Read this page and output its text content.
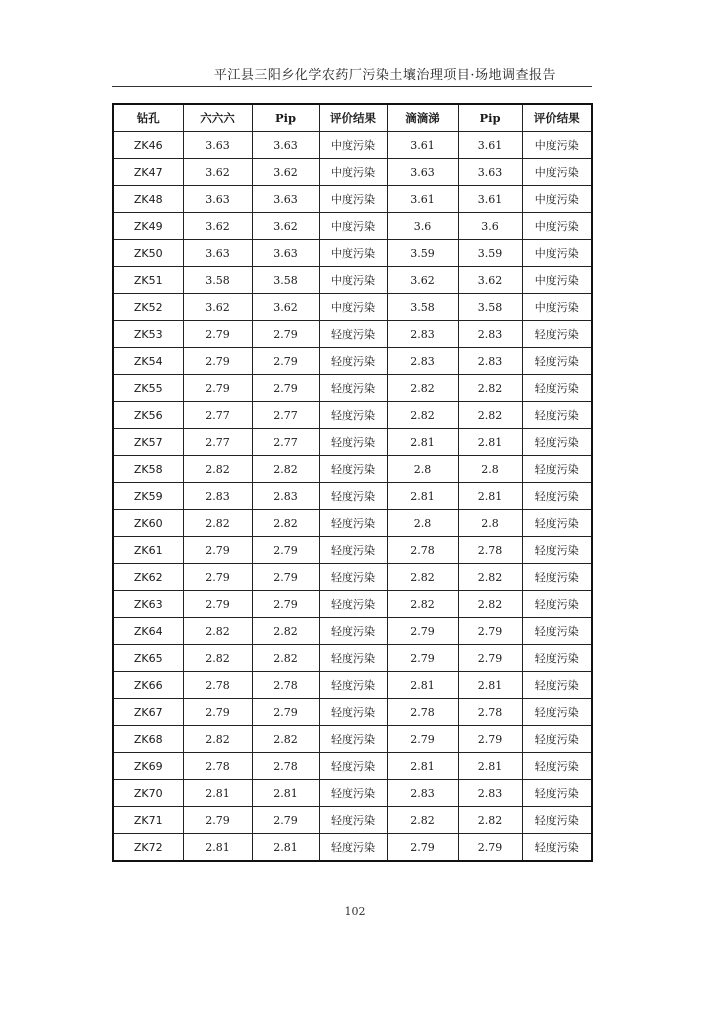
平江县三阳乡化学农药厂污染土壤治理项目·场地调查报告
钻孔	六六六	Pip	评价结果	滴滴涕	Pip	评价结果
ZK46	3.63	3.63	中度污染	3.61	3.61	中度污染
ZK47	3.62	3.62	中度污染	3.63	3.63	中度污染
ZK48	3.63	3.63	中度污染	3.61	3.61	中度污染
ZK49	3.62	3.62	中度污染	3.6	3.6	中度污染
ZK50	3.63	3.63	中度污染	3.59	3.59	中度污染
ZK51	3.58	3.58	中度污染	3.62	3.62	中度污染
ZK52	3.62	3.62	中度污染	3.58	3.58	中度污染
ZK53	2.79	2.79	轻度污染	2.83	2.83	轻度污染
ZK54	2.79	2.79	轻度污染	2.83	2.83	轻度污染
ZK55	2.79	2.79	轻度污染	2.82	2.82	轻度污染
ZK56	2.77	2.77	轻度污染	2.82	2.82	轻度污染
ZK57	2.77	2.77	轻度污染	2.81	2.81	轻度污染
ZK58	2.82	2.82	轻度污染	2.8	2.8	轻度污染
ZK59	2.83	2.83	轻度污染	2.81	2.81	轻度污染
ZK60	2.82	2.82	轻度污染	2.8	2.8	轻度污染
ZK61	2.79	2.79	轻度污染	2.78	2.78	轻度污染
ZK62	2.79	2.79	轻度污染	2.82	2.82	轻度污染
ZK63	2.79	2.79	轻度污染	2.82	2.82	轻度污染
ZK64	2.82	2.82	轻度污染	2.79	2.79	轻度污染
ZK65	2.82	2.82	轻度污染	2.79	2.79	轻度污染
ZK66	2.78	2.78	轻度污染	2.81	2.81	轻度污染
ZK67	2.79	2.79	轻度污染	2.78	2.78	轻度污染
ZK68	2.82	2.82	轻度污染	2.79	2.79	轻度污染
ZK69	2.78	2.78	轻度污染	2.81	2.81	轻度污染
ZK70	2.81	2.81	轻度污染	2.83	2.83	轻度污染
ZK71	2.79	2.79	轻度污染	2.82	2.82	轻度污染
ZK72	2.81	2.81	轻度污染	2.79	2.79	轻度污染
102
